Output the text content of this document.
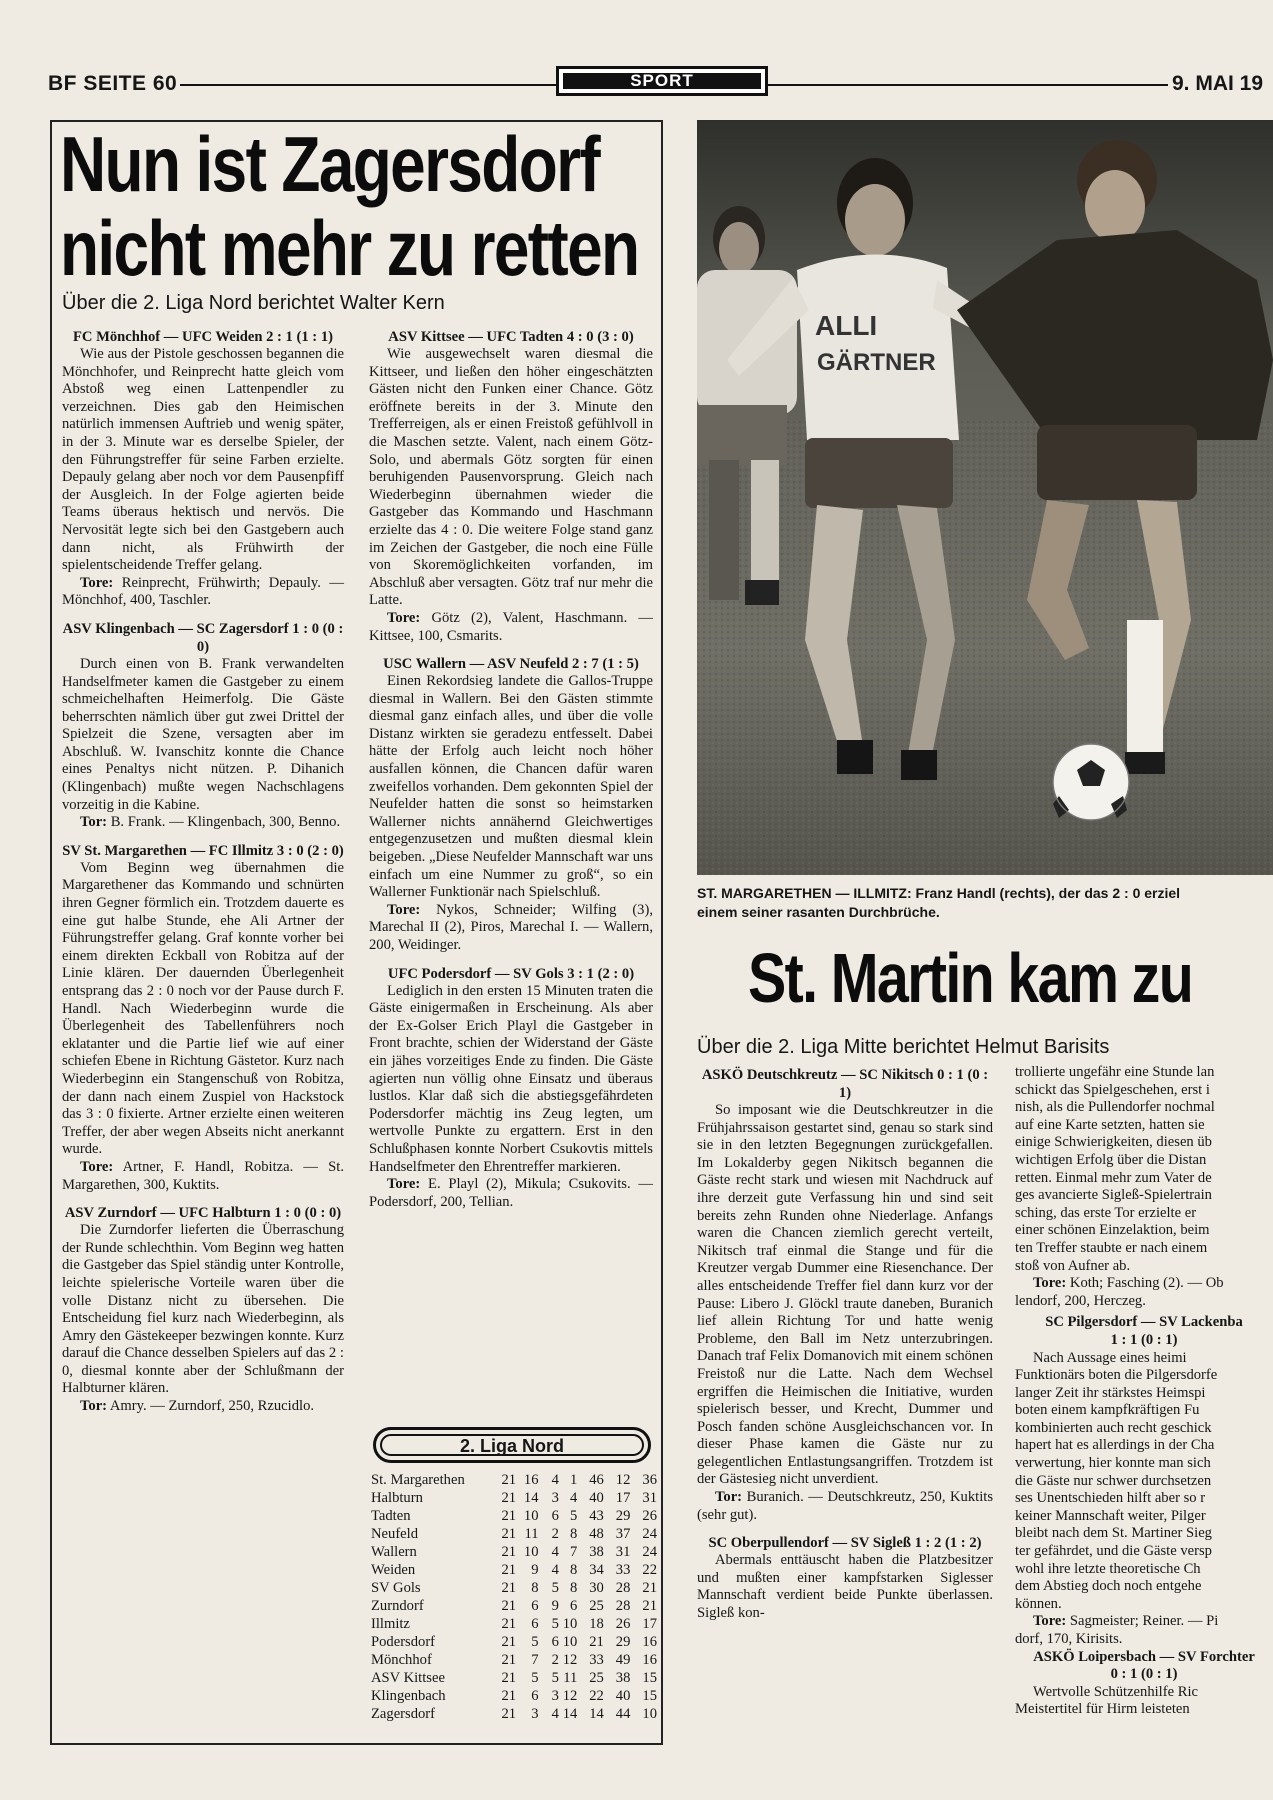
BF SEITE 60	SPORT	9. MAI 19
Nun ist Zagersdorf
nicht mehr zu retten
Über die 2. Liga Nord berichtet Walter Kern
FC Mönchhof — UFC Weiden 2 : 1 (1 : 1)

Wie aus der Pistole geschossen begannen die Mönchhofer, und Reinprecht hatte gleich vom Abstoß weg einen Lattenpendler zu verzeichnen. Dies gab den Heimischen natürlich immensen Auftrieb und wenig später, in der 3. Minute war es derselbe Spieler, der den Führungstreffer für seine Farben erzielte. Depauly gelang aber noch vor dem Pausenpfiff der Ausgleich. In der Folge agierten beide Teams überaus hektisch und nervös. Die Nervosität legte sich bei den Gastgebern auch dann nicht, als Frühwirth der spielentscheidende Treffer gelang.

Tore: Reinprecht, Frühwirth; Depauly. — Mönchhof, 400, Taschler.

ASV Klingenbach — SC Zagersdorf 1 : 0 (0 : 0)

Durch einen von B. Frank verwandelten Handselfmeter kamen die Gastgeber zu einem schmeichelhaften Heimerfolg. Die Gäste beherrschten nämlich über gut zwei Drittel der Spielzeit die Szene, versagten aber im Abschluß. W. Ivanschitz konnte die Chance eines Penaltys nicht nützen. P. Dihanich (Klingenbach) mußte wegen Nachschlagens vorzeitig in die Kabine.

Tor: B. Frank. — Klingenbach, 300, Benno.

SV St. Margarethen — FC Illmitz 3 : 0 (2 : 0)

Vom Beginn weg übernahmen die Margarethener das Kommando und schnürten ihren Gegner förmlich ein. Trotzdem dauerte es eine gut halbe Stunde, ehe Ali Artner der Führungstreffer gelang. Graf konnte vorher bei einem direkten Eckball von Robitza auf der Linie klären. Der dauernden Überlegenheit entsprang das 2 : 0 noch vor der Pause durch F. Handl. Nach Wiederbeginn wurde die Überlegenheit des Tabellenführers noch eklatanter und die Partie lief wie auf einer schiefen Ebene in Richtung Gästetor. Kurz nach Wiederbeginn ein Stangenschuß von Robitza, der dann nach einem Zuspiel von Hackstock das 3 : 0 fixierte. Artner erzielte einen weiteren Treffer, der aber wegen Abseits nicht anerkannt wurde.

Tore: Artner, F. Handl, Robitza. — St. Margarethen, 300, Kuktits.

ASV Zurndorf — UFC Halbturn 1 : 0 (0 : 0)

Die Zurndorfer lieferten die Überraschung der Runde schlechthin. Vom Beginn weg hatten die Gastgeber das Spiel ständig unter Kontrolle, leichte spielerische Vorteile waren über die volle Distanz nicht zu übersehen. Die Entscheidung fiel kurz nach Wiederbeginn, als Amry den Gästekeeper bezwingen konnte. Kurz darauf die Chance desselben Spielers auf das 2 : 0, diesmal konnte aber der Schlußmann der Halbturner klären.

Tor: Amry. — Zurndorf, 250, Rzucidlo.

ASV Kittsee — UFC Tadten 4 : 0 (3 : 0)

Wie ausgewechselt waren diesmal die Kittseer, und ließen den höher eingeschätzten Gästen nicht den Funken einer Chance. Götz eröffnete bereits in der 3. Minute den Trefferreigen, als er einen Freistoß gefühlvoll in die Maschen setzte. Valent, nach einem Götz-Solo, und abermals Götz sorgten für einen beruhigenden Pausenvorsprung. Gleich nach Wiederbeginn übernahmen wieder die Gastgeber das Kommando und Haschmann erzielte das 4 : 0. Die weitere Folge stand ganz im Zeichen der Gastgeber, die noch eine Fülle von Skoremöglichkeiten vorfanden, im Abschluß aber versagten. Götz traf nur mehr die Latte.

Tore: Götz (2), Valent, Haschmann. — Kittsee, 100, Csmarits.

USC Wallern — ASV Neufeld 2 : 7 (1 : 5)

Einen Rekordsieg landete die Gallos-Truppe diesmal in Wallern. Bei den Gästen stimmte diesmal ganz einfach alles, und über die volle Distanz wirkten sie geradezu entfesselt. Dabei hätte der Erfolg auch leicht noch höher ausfallen können, die Chancen dafür waren zweifellos vorhanden. Dem gekonnten Spiel der Neufelder hatten die sonst so heimstarken Wallerner nichts annähernd Gleichwertiges entgegenzusetzen und mußten diesmal klein beigeben. „Diese Neufelder Mannschaft war uns einfach um eine Nummer zu groß“, so ein Wallerner Funktionär nach Spielschluß.

Tore: Nykos, Schneider; Wilfing (3), Marechal II (2), Piros, Marechal I. — Wallern, 200, Weidinger.

UFC Podersdorf — SV Gols 3 : 1 (2 : 0)

Lediglich in den ersten 15 Minuten traten die Gäste einigermaßen in Erscheinung. Als aber der Ex-Golser Erich Playl die Gastgeber in Front brachte, schien der Widerstand der Gäste ein jähes vorzeitiges Ende zu finden. Die Gäste agierten nun völlig ohne Einsatz und überaus lustlos. Klar daß sich die abstiegsgefährdeten Podersdorfer mächtig ins Zeug legten, um wertvolle Punkte zu ergattern. Erst in den Schlußphasen konnte Norbert Csukovtis mittels Handselfmeter den Ehrentreffer markieren.

Tore: E. Playl (2), Mikula; Csukovits. — Podersdorf, 200, Tellian.

2. Liga Nord
St. Margarethen	21	16	4	1	46	12	36
Halbturn	21	14	3	4	40	17	31
Tadten	21	10	6	5	43	29	26
Neufeld	21	11	2	8	48	37	24
Wallern	21	10	4	7	38	31	24
Weiden	21	9	4	8	34	33	22
SV Gols	21	8	5	8	30	28	21
Zurndorf	21	6	9	6	25	28	21
Illmitz	21	6	5	10	18	26	17
Podersdorf	21	5	6	10	21	29	16
Mönchhof	21	7	2	12	33	49	16
ASV Kittsee	21	5	5	11	25	38	15
Klingenbach	21	6	3	12	22	40	15
Zagersdorf	21	3	4	14	14	44	10
ALLI
GÄRTNER
ST. MARGARETHEN — ILLMITZ: Franz Handl (rechts), der das 2 : 0 erziel
einem seiner rasanten Durchbrüche.
St. Martin kam zu
Über die 2. Liga Mitte berichtet Helmut Barisits
ASKÖ Deutschkreutz — SC Nikitsch 0 : 1 (0 : 1)

So imposant wie die Deutschkreutzer in die Frühjahrssaison gestartet sind, genau so stark sind sie in den letzten Begegnungen zurückgefallen. Im Lokalderby gegen Nikitsch begannen die Gäste recht stark und wiesen mit Nachdruck auf ihre derzeit gute Verfassung hin und sind seit bereits zehn Runden ohne Niederlage. Anfangs waren die Chancen ziemlich gerecht verteilt, Nikitsch traf einmal die Stange und für die Kreutzer vergab Dummer eine Riesenchance. Der alles entscheidende Treffer fiel dann kurz vor der Pause: Libero J. Glöckl traute daneben, Buranich lief allein Richtung Tor und hatte wenig Probleme, den Ball im Netz unterzubringen. Danach traf Felix Domanovich mit einem schönen Freistoß nur die Latte. Nach dem Wechsel ergriffen die Heimischen die Initiative, wurden spielerisch besser, und Krecht, Dummer und Posch fanden schöne Ausgleichschancen vor. In dieser Phase kamen die Gäste nur zu gelegentlichen Entlastungsangriffen. Trotzdem ist der Gästesieg nicht unverdient.

Tor: Buranich. — Deutschkreutz, 250, Kuktits (sehr gut).

SC Oberpullendorf — SV Sigleß 1 : 2 (1 : 2)

Abermals enttäuscht haben die Platzbesitzer und mußten einer kampfstarken Siglesser Mannschaft verdient beide Punkte überlassen. Sigleß kon-

trollierte ungefähr eine Stunde lan
schickt das Spielgeschehen, erst i
nish, als die Pullendorfer nochmal
auf eine Karte setzten, hatten sie
einige Schwierigkeiten, diesen üb
wichtigen Erfolg über die Distan
retten. Einmal mehr zum Vater de
ges avancierte Sigleß-Spielertrain
sching, das erste Tor erzielte er
einer schönen Einzelaktion, beim
ten Treffer staubte er nach einem
stoß von Aufner ab.
Tore: Koth; Fasching (2). — Ob
lendorf, 200, Herczeg.
SC Pilgersdorf — SV Lackenba
1 : 1 (0 : 1)
Nach Aussage eines heimi
Funktionärs boten die Pilgersdorfe
langer Zeit ihr stärkstes Heimspi
boten einem kampfkräftigen Fu
kombinierten auch recht geschick
hapert hat es allerdings in der Cha
verwertung, hier konnte man sich
die Gäste nur schwer durchsetzen
ses Unentschieden hilft aber so r
keiner Mannschaft weiter, Pilger
bleibt nach dem St. Martiner Sieg
ter gefährdet, und die Gäste versp
wohl ihre letzte theoretische Ch
dem Abstieg doch noch entgehe
können.
Tore: Sagmeister; Reiner. — Pi
dorf, 170, Kirisits.
ASKÖ Loipersbach — SV Forchter
0 : 1 (0 : 1)
Wertvolle Schützenhilfe Ric
Meistertitel für Hirm leisteten
